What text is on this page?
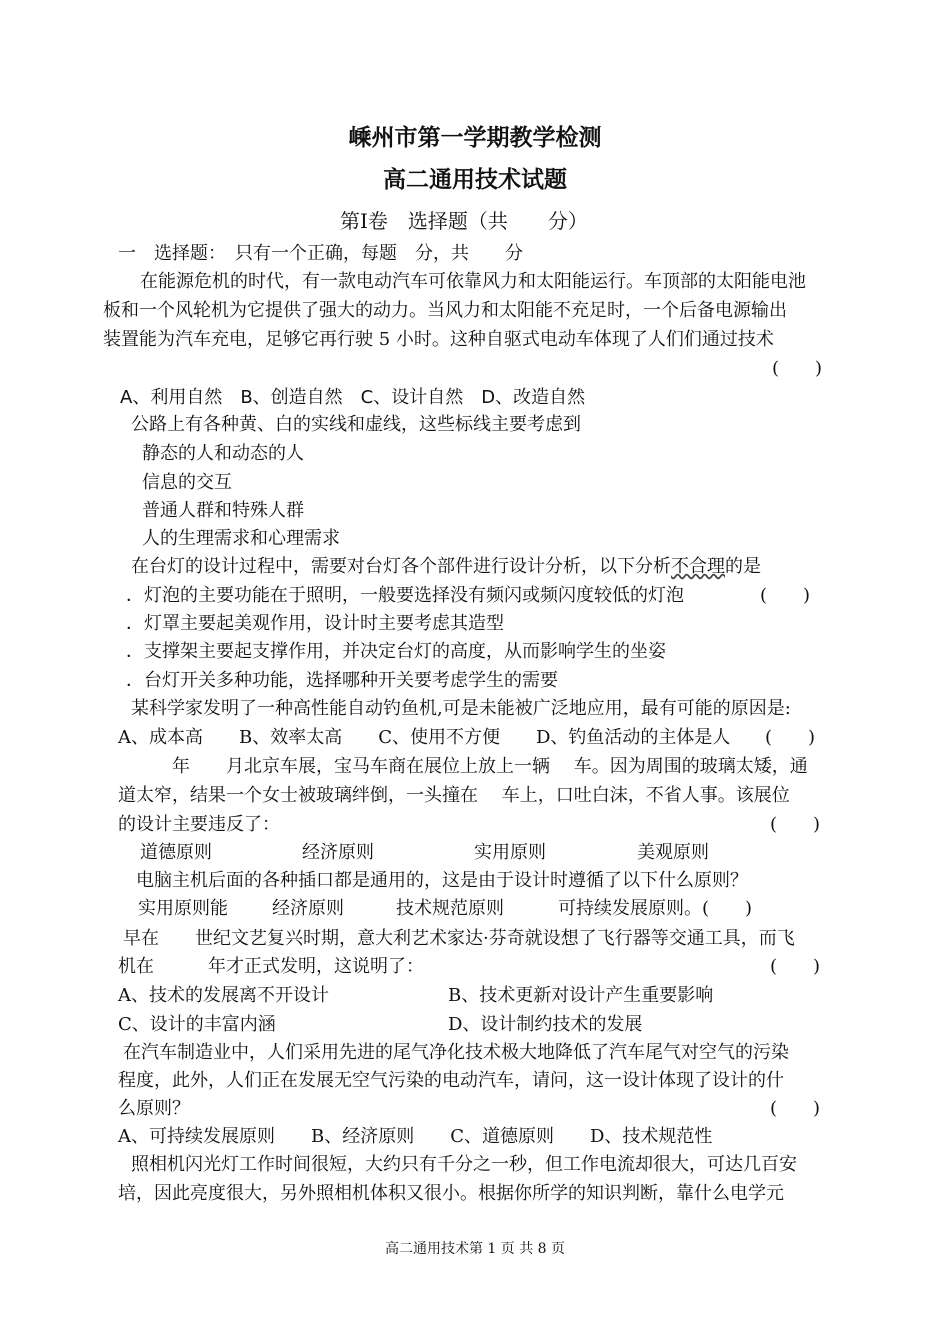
嵊州市第一学期教学检测
高二通用技术试题
第Ⅰ卷　选择题（共　　分）
一　选择题：　只有一个正确，每题　分，共　　分
在能源危机的时代，有一款电动汽车可依靠风力和太阳能运行。车顶部的太阳能电池
板和一个风轮机为它提供了强大的动力。当风力和太阳能不充足时，一个后备电源输出
装置能为汽车充电，足够它再行驶 5 小时。这种自驱式电动车体现了人们们通过技术
(　　)
A、利用自然　B、创造自然　C、设计自然　D、改造自然
公路上有各种黄、白的实线和虚线，这些标线主要考虑到
静态的人和动态的人
信息的交互
普通人群和特殊人群
人的生理需求和心理需求
在台灯的设计过程中，需要对台灯各个部件进行设计分析，以下分析不合理的是
．灯泡的主要功能在于照明，一般要选择没有频闪或频闪度较低的灯泡	(　　)
．灯罩主要起美观作用，设计时主要考虑其造型
．支撑架主要起支撑作用，并决定台灯的高度，从而影响学生的坐姿
．台灯开关多种功能，选择哪种开关要考虑学生的需要
某科学家发明了一种高性能自动钓鱼机,可是未能被广泛地应用，最有可能的原因是:
A、成本高　　B、效率太高　　C、使用不方便　　D、钓鱼活动的主体是人 (　　)
年　　月北京车展，宝马车商在展位上放上一辆　 车。因为周围的玻璃太矮，通
道太窄，结果一个女士被玻璃绊倒，一头撞在　 车上，口吐白沫，不省人事。该展位
的设计主要违反了：	(　　)
道德原则	经济原则	实用原则	美观原则
电脑主机后面的各种插口都是通用的，这是由于设计时遵循了以下什么原则？
实用原则能 经济原则	技术规范原则	可持续发展原则。(　　)
早在　　世纪文艺复兴时期，意大利艺术家达·芬奇就设想了飞行器等交通工具，而飞
机在　　　年才正式发明，这说明了：	(　　)
A、技术的发展离不开设计	B、技术更新对设计产生重要影响
C、设计的丰富内涵	D、设计制约技术的发展
在汽车制造业中，人们采用先进的尾气净化技术极大地降低了汽车尾气对空气的污染
程度，此外，人们正在发展无空气污染的电动汽车，请问，这一设计体现了设计的什
么原则？	(　　)
A、可持续发展原则　　B、经济原则　　C、道德原则　　D、技术规范性
照相机闪光灯工作时间很短，大约只有千分之一秒，但工作电流却很大，可达几百安
培，因此亮度很大，另外照相机体积又很小。根据你所学的知识判断，靠什么电学元
高二通用技术第 1 页 共 8 页
